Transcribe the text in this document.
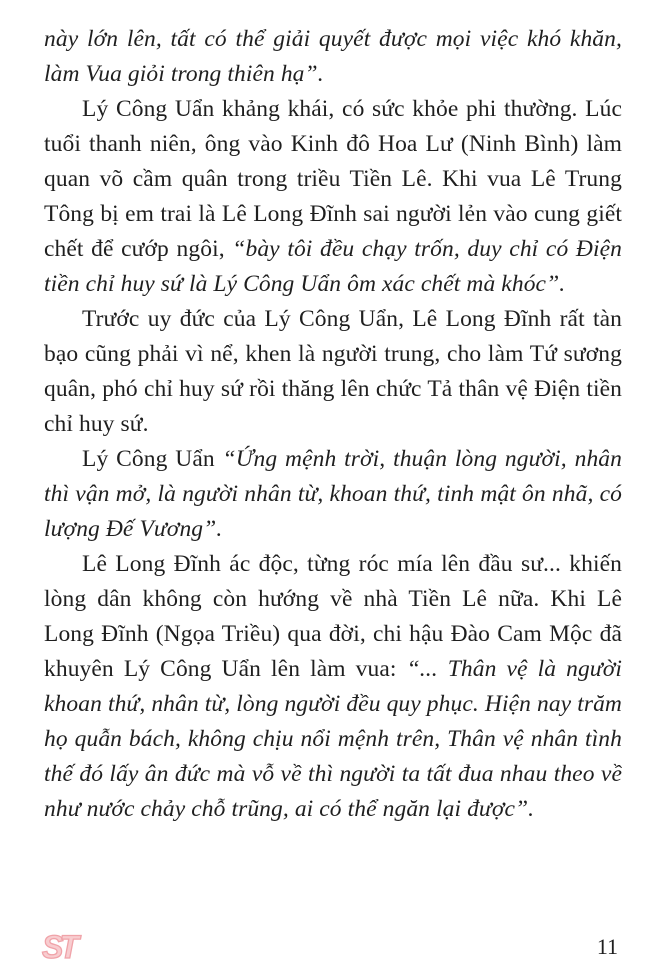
này lớn lên, tất có thể giải quyết được mọi việc khó khăn, làm Vua giỏi trong thiên hạ”.

Lý Công Uẩn khảng khái, có sức khỏe phi thường. Lúc tuổi thanh niên, ông vào Kinh đô Hoa Lư (Ninh Bình) làm quan võ cầm quân trong triều Tiền Lê. Khi vua Lê Trung Tông bị em trai là Lê Long Đĩnh sai người lẻn vào cung giết chết để cướp ngôi, “bày tôi đều chạy trốn, duy chỉ có Điện tiền chỉ huy sứ là Lý Công Uẩn ôm xác chết mà khóc”.

Trước uy đức của Lý Công Uẩn, Lê Long Đĩnh rất tàn bạo cũng phải vì nể, khen là người trung, cho làm Tứ sương quân, phó chỉ huy sứ rồi thăng lên chức Tả thân vệ Điện tiền chỉ huy sứ.

Lý Công Uẩn “Ứng mệnh trời, thuận lòng người, nhân thì vận mở, là người nhân từ, khoan thứ, tinh mật ôn nhã, có lượng Đế Vương”.

Lê Long Đĩnh ác độc, từng róc mía lên đầu sư... khiến lòng dân không còn hướng về nhà Tiền Lê nữa. Khi Lê Long Đĩnh (Ngọa Triều) qua đời, chi hậu Đào Cam Mộc đã khuyên Lý Công Uẩn lên làm vua: “... Thân vệ là người khoan thứ, nhân từ, lòng người đều quy phục. Hiện nay trăm họ quẫn bách, không chịu nổi mệnh trên, Thân vệ nhân tình thế đó lấy ân đức mà vỗ về thì người ta tất đua nhau theo về như nước chảy chỗ trũng, ai có thể ngăn lại được”.

ST	11
